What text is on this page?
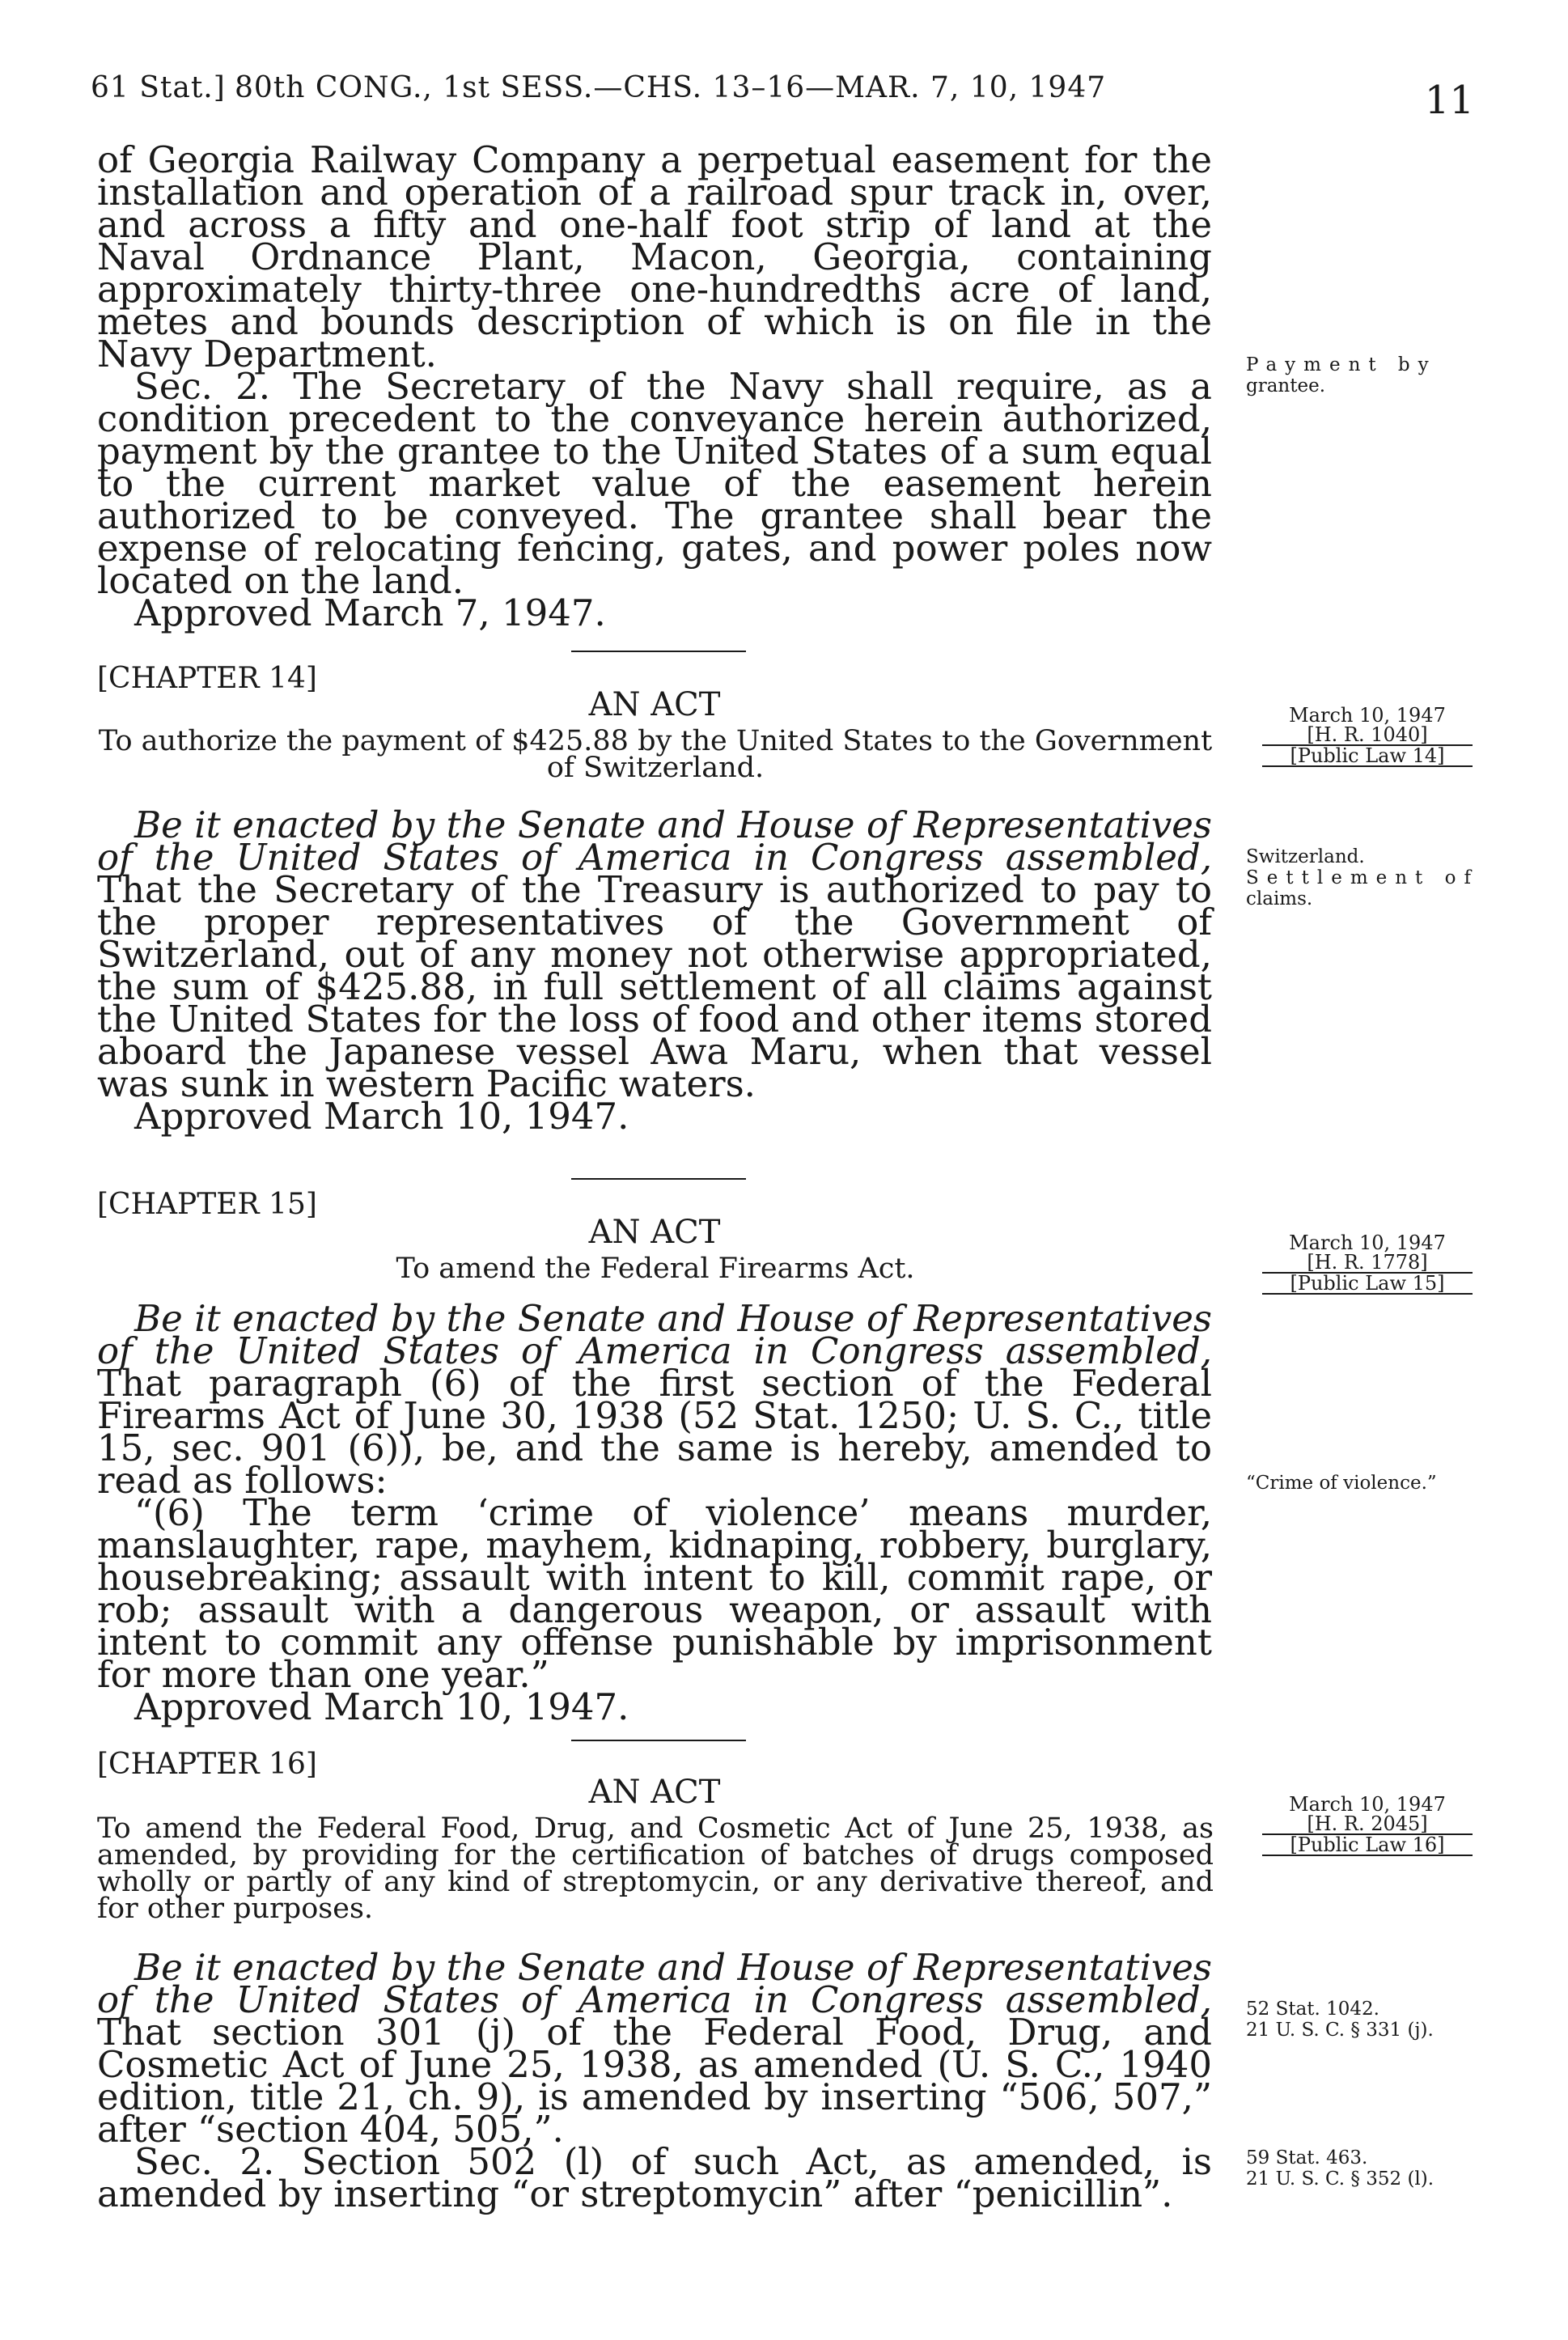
61 Stat.] 80th CONG., 1st SESS.—CHS. 13–16—MAR. 7, 10, 1947	11
of Georgia Railway Company a perpetual easement for the installation and operation of a railroad spur track in, over, and across a fifty and one-half foot strip of land at the Naval Ordnance Plant, Macon, Georgia, containing approximately thirty-three one-hundredths acre of land, metes and bounds description of which is on file in the Navy Department.
Sec. 2. The Secretary of the Navy shall require, as a condition precedent to the conveyance herein authorized, payment by the grantee to the United States of a sum equal to the current market value of the easement herein authorized to be conveyed. The grantee shall bear the expense of relocating fencing, gates, and power poles now located on the land.
Approved March 7, 1947.
Payment by
grantee.
[CHAPTER 14]
AN ACT
To authorize the payment of $425.88 by the United States to the Government of Switzerland.
March 10, 1947

[H. R. 1040]
[Public Law 14]
Be it enacted by the Senate and House of Representatives of the United States of America in Congress assembled, That the Secretary of the Treasury is authorized to pay to the proper representatives of the Government of Switzerland, out of any money not otherwise appropriated, the sum of $425.88, in full settlement of all claims against the United States for the loss of food and other items stored aboard the Japanese vessel Awa Maru, when that vessel was sunk in western Pacific waters.
Approved March 10, 1947.
Switzerland.
Settlement of
claims.
[CHAPTER 15]
AN ACT
To amend the Federal Firearms Act.
March 10, 1947

[H. R. 1778]
[Public Law 15]
Be it enacted by the Senate and House of Representatives of the United States of America in Congress assembled, That paragraph (6) of the first section of the Federal Firearms Act of June 30, 1938 (52 Stat. 1250; U. S. C., title 15, sec. 901 (6)), be, and the same is hereby, amended to read as follows:
“(6) The term ‘crime of violence’ means murder, manslaughter, rape, mayhem, kidnaping, robbery, burglary, housebreaking; assault with intent to kill, commit rape, or rob; assault with a dangerous weapon, or assault with intent to commit any offense punishable by imprisonment for more than one year.”
Approved March 10, 1947.
“Crime of violence.”
[CHAPTER 16]
AN ACT
To amend the Federal Food, Drug, and Cosmetic Act of June 25, 1938, as amended, by providing for the certification of batches of drugs composed wholly or partly of any kind of streptomycin, or any derivative thereof, and for other purposes.
March 10, 1947

[H. R. 2045]
[Public Law 16]
Be it enacted by the Senate and House of Representatives of the United States of America in Congress assembled, That section 301 (j) of the Federal Food, Drug, and Cosmetic Act of June 25, 1938, as amended (U. S. C., 1940 edition, title 21, ch. 9), is amended by inserting “506, 507,” after “section 404, 505,”.
Sec. 2. Section 502 (l) of such Act, as amended, is amended by inserting “or streptomycin” after “penicillin”.
52 Stat. 1042.
21 U. S. C. § 331 (j).
59 Stat. 463.
21 U. S. C. § 352 (l).
